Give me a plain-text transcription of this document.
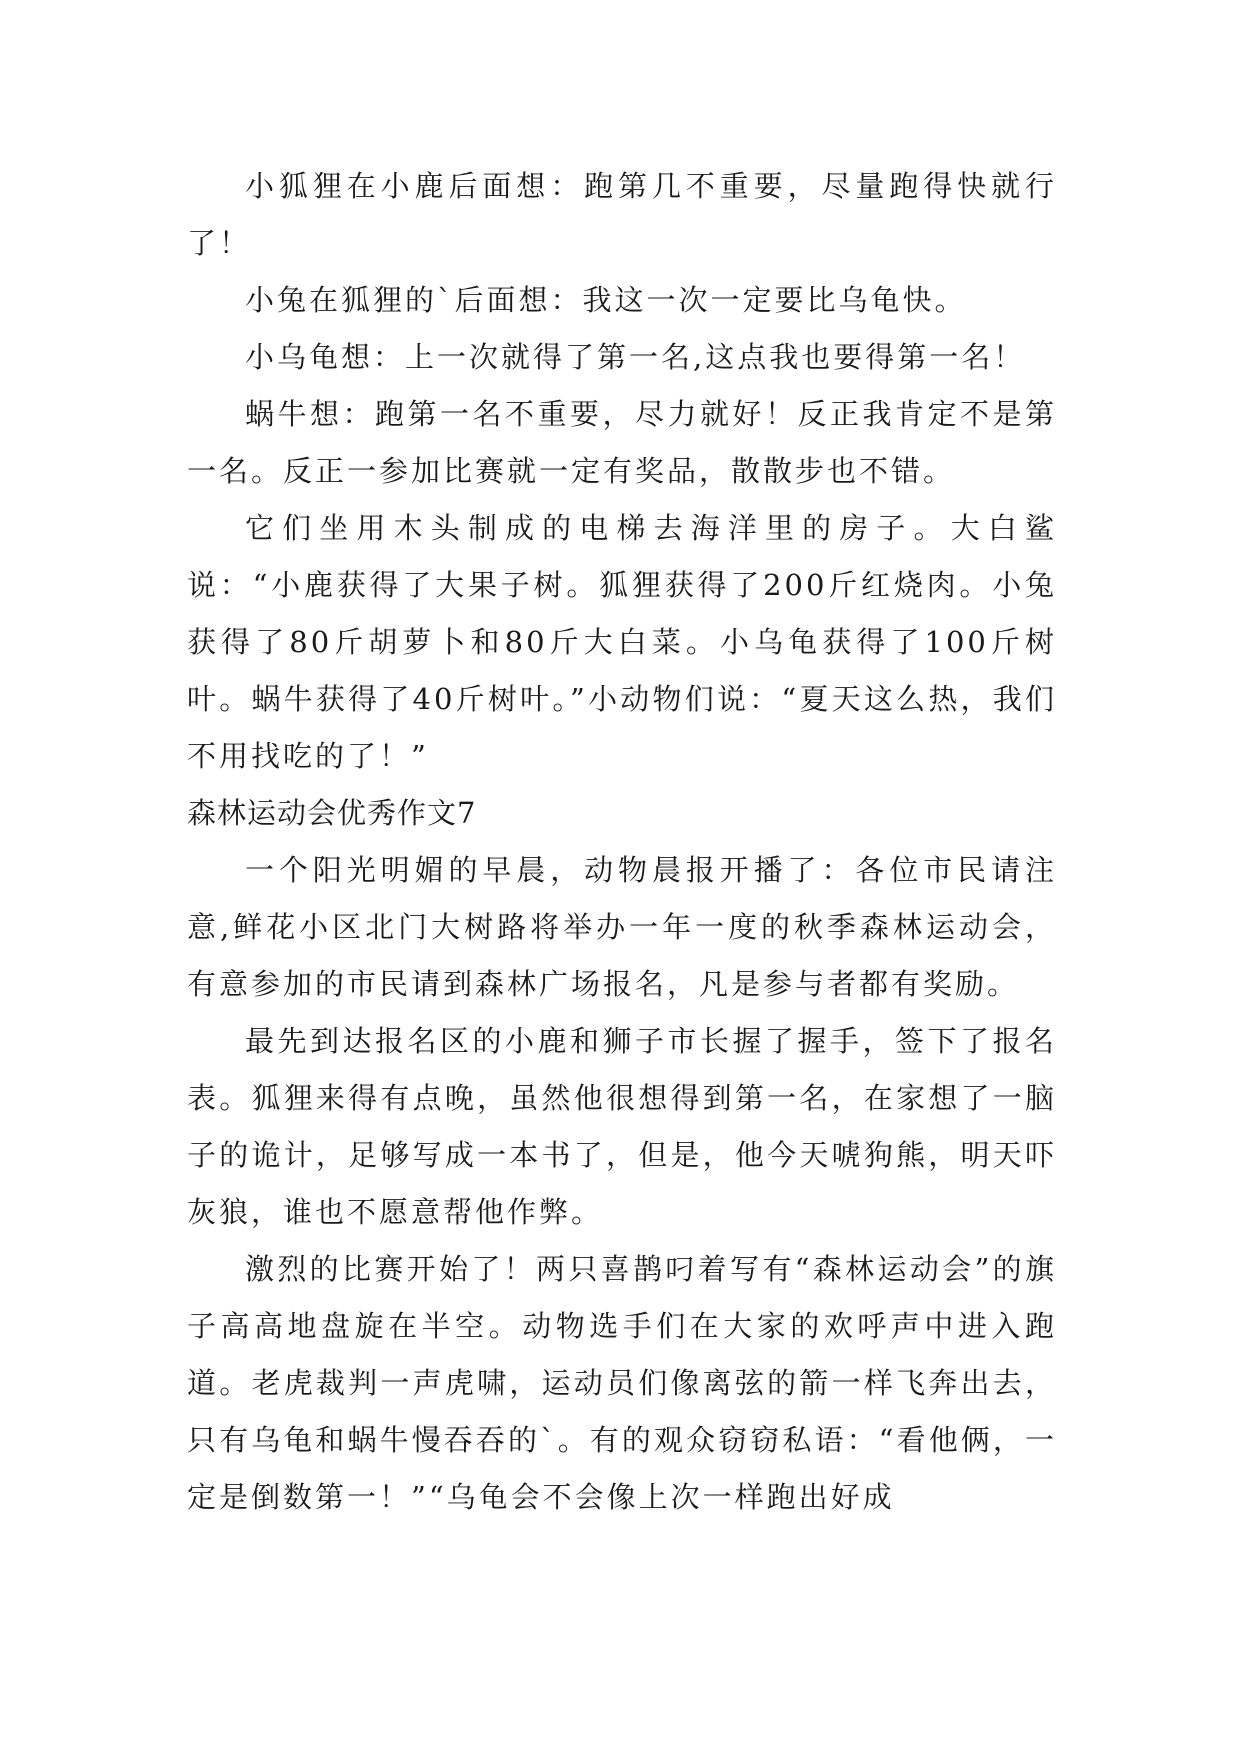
小狐狸在小鹿后面想：跑第几不重要，尽量跑得快就行了！

小兔在狐狸的`后面想：我这一次一定要比乌龟快。

小乌龟想：上一次就得了第一名,这点我也要得第一名！

蜗牛想：跑第一名不重要，尽力就好！反正我肯定不是第一名。反正一参加比赛就一定有奖品，散散步也不错。

它们坐用木头制成的电梯去海洋里的房子。大白鲨说：“小鹿获得了大果子树。狐狸获得了200斤红烧肉。小兔获得了80斤胡萝卜和80斤大白菜。小乌龟获得了100斤树叶。蜗牛获得了40斤树叶。”小动物们说：“夏天这么热，我们不用找吃的了！”

森林运动会优秀作文7

一个阳光明媚的早晨，动物晨报开播了：各位市民请注意,鲜花小区北门大树路将举办一年一度的秋季森林运动会，有意参加的市民请到森林广场报名，凡是参与者都有奖励。

最先到达报名区的小鹿和狮子市长握了握手，签下了报名表。狐狸来得有点晚，虽然他很想得到第一名，在家想了一脑子的诡计，足够写成一本书了，但是，他今天唬狗熊，明天吓灰狼，谁也不愿意帮他作弊。

激烈的比赛开始了！两只喜鹊叼着写有“森林运动会”的旗子高高地盘旋在半空。动物选手们在大家的欢呼声中进入跑道。老虎裁判一声虎啸，运动员们像离弦的箭一样飞奔出去，只有乌龟和蜗牛慢吞吞的`。有的观众窃窃私语：“看他俩，一定是倒数第一！”“乌龟会不会像上次一样跑出好成
